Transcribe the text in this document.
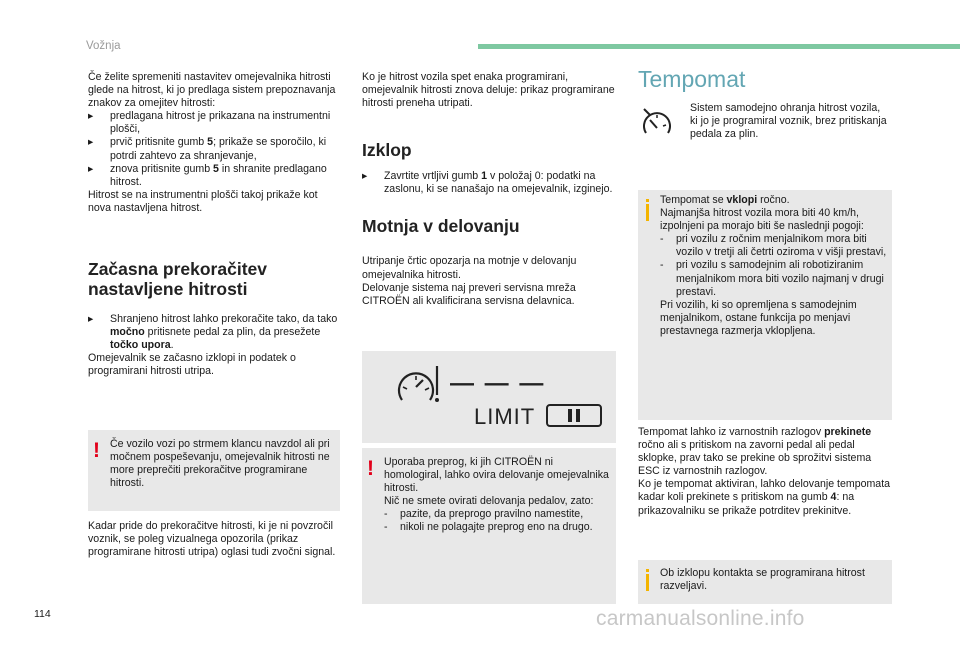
Vožnja

Če želite spremeniti nastavitev omejevalnika hitrosti glede na hitrost, ki jo predlaga sistem prepoznavanja znakov za omejitev hitrosti:

▸	predlagana hitrost je prikazana na instrumentni plošči,

▸	prvič pritisnite gumb 5; prikaže se sporočilo, ki potrdi zahtevo za shranjevanje,

▸	znova pritisnite gumb 5 in shranite predlagano hitrost.

Hitrost se na instrumentni plošči takoj prikaže kot nova nastavljena hitrost.

Začasna prekoračitev nastavljene hitrosti

▸	Shranjeno hitrost lahko prekoračite tako, da tako močno pritisnete pedal za plin, da presežete točko upora.

Omejevalnik se začasno izklopi in podatek o programirani hitrosti utripa.

! Če vozilo vozi po strmem klancu navzdol ali pri močnem pospeševanju, omejevalnik hitrosti ne more preprečiti prekoračitve programirane hitrosti.

Kadar pride do prekoračitve hitrosti, ki je ni povzročil voznik, se poleg vizualnega opozorila (prikaz programirane hitrosti utripa) oglasi tudi zvočni signal.

Ko je hitrost vozila spet enaka programirani, omejevalnik hitrosti znova deluje: prikaz programirane hitrosti preneha utripati.

Izklop

▸	Zavrtite vrtljivi gumb 1 v položaj 0: podatki na zaslonu, ki se nanašajo na omejevalnik, izginejo.

Motnja v delovanju

Utripanje črtic opozarja na motnje v delovanju omejevalnika hitrosti.
Delovanje sistema naj preveri servisna mreža CITROËN ali kvalificirana servisna delavnica.

— — —
LIMIT
! Uporaba preprog, ki jih CITROËN ni homologiral, lahko ovira delovanje omejevalnika hitrosti.
Nič ne smete ovirati delovanja pedalov, zato:

- pazite, da preprogo pravilno namestite,

- nikoli ne polagajte preprog eno na drugo.

Tempomat

Sistem samodejno ohranja hitrost vozila, ki jo je programiral voznik, brez pritiskanja pedala za plin.

Tempomat se vklopi ročno.

Najmanjša hitrost vozila mora biti 40 km/h, izpolnjeni pa morajo biti še naslednji pogoji:

- pri vozilu z ročnim menjalnikom mora biti vozilo v tretji ali četrti oziroma v višji prestavi,

- pri vozilu s samodejnim ali robotiziranim menjalnikom mora biti vozilo najmanj v drugi prestavi.

Pri vozilih, ki so opremljena s samodejnim menjalnikom, ostane funkcija po menjavi prestavnega razmerja vklopljena.

Tempomat lahko iz varnostnih razlogov prekinete ročno ali s pritiskom na zavorni pedal ali pedal sklopke, prav tako se prekine ob sprožitvi sistema ESC iz varnostnih razlogov.

Ko je tempomat aktiviran, lahko delovanje tempomata kadar koli prekinete s pritiskom na gumb 4: na prikazovalniku se prikaže potrditev prekinitve.

Ob izklopu kontakta se programirana hitrost razveljavi.

114	carmanualsonline.info
